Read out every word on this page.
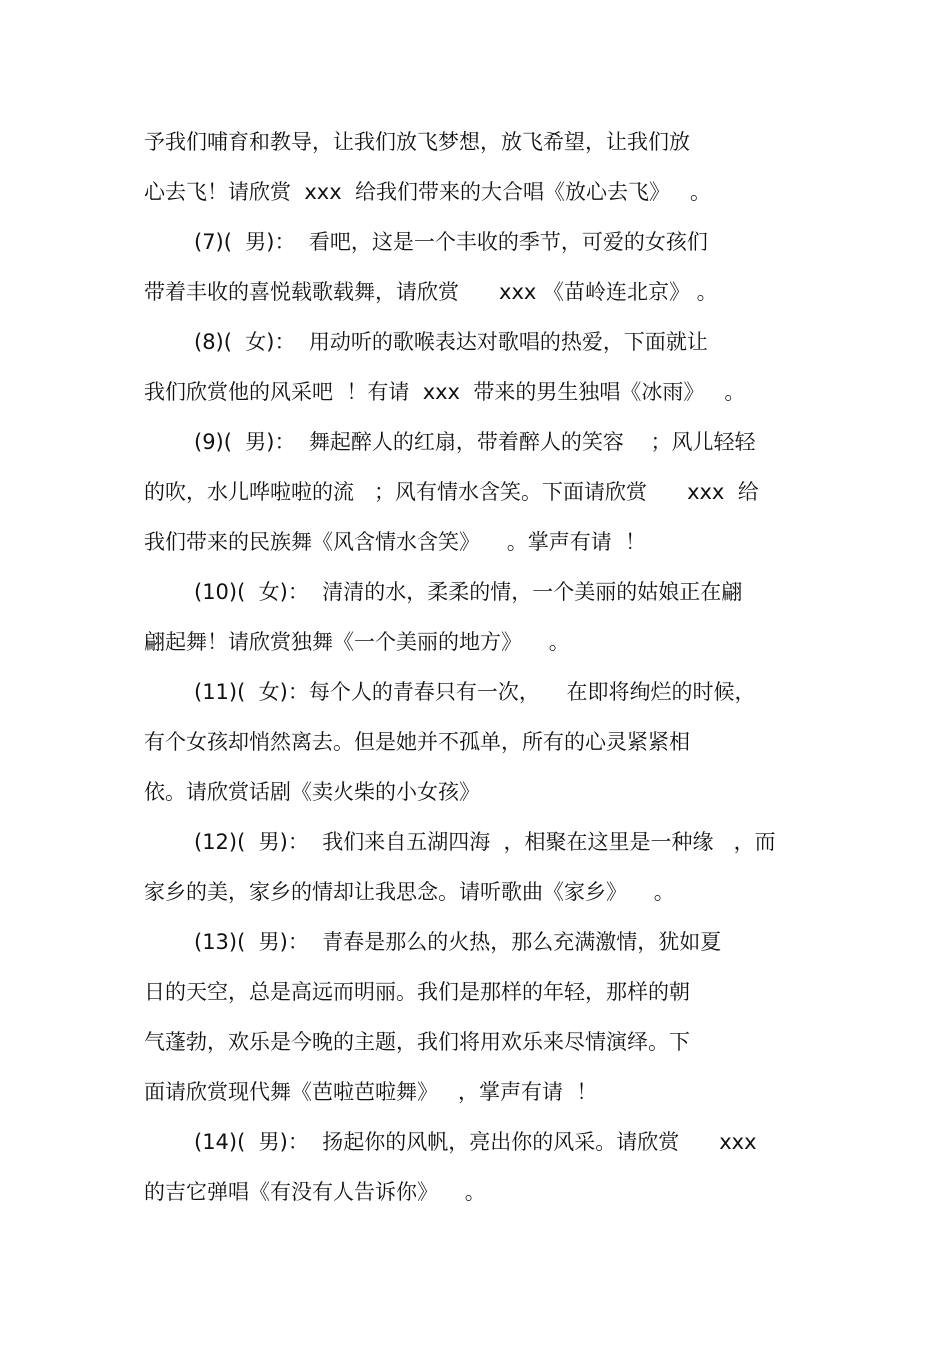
予我们哺育和教导，让我们放飞梦想，放飞希望，让我们放
心去飞！请欣赏  xxx  给我们带来的大合唱《放心去飞》   。
(7)(  男)：  看吧，这是一个丰收的季节，可爱的女孩们
带着丰收的喜悦载歌载舞，请欣赏      xxx 《苗岭连北京》 。
(8)(  女)：  用动听的歌喉表达对歌唱的热爱，下面就让
我们欣赏他的风采吧  ！有请  xxx  带来的男生独唱《冰雨》   。
(9)(  男)：  舞起醉人的红扇，带着醉人的笑容    ；风儿轻轻
的吹，水儿哗啦啦的流   ；风有情水含笑。下面请欣赏      xxx  给
我们带来的民族舞《风含情水含笑》    。掌声有请  ！
(10)(  女)：  清清的水，柔柔的情，一个美丽的姑娘正在翩
翩起舞！请欣赏独舞《一个美丽的地方》    。
(11)(  女)：每个人的青春只有一次，    在即将绚烂的时候，
有个女孩却悄然离去。但是她并不孤单，所有的心灵紧紧相
依。请欣赏话剧《卖火柴的小女孩》
(12)(  男)：  我们来自五湖四海  ，相聚在这里是一种缘   ，而
家乡的美，家乡的情却让我思念。请听歌曲《家乡》    。
(13)(  男)：  青春是那么的火热，那么充满激情，犹如夏
日的天空，总是高远而明丽。我们是那样的年轻，那样的朝
气蓬勃，欢乐是今晚的主题，我们将用欢乐来尽情演绎。下
面请欣赏现代舞《芭啦芭啦舞》   ，掌声有请  ！
(14)(  男)：  扬起你的风帆，亮出你的风采。请欣赏      xxx
的吉它弹唱《有没有人告诉你》    。
